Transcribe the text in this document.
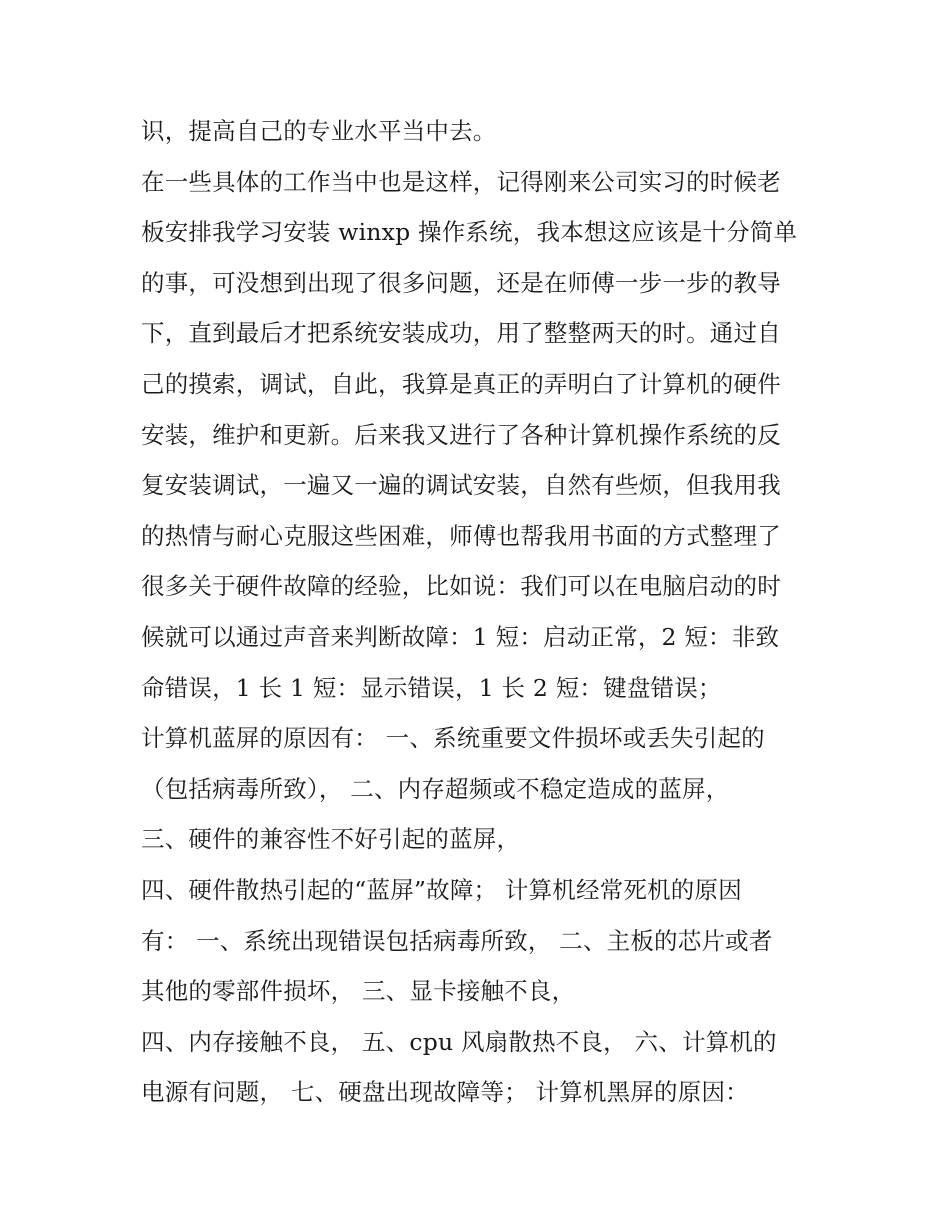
识，提高自己的专业水平当中去。
在一些具体的工作当中也是这样，记得刚来公司实习的时候老
板安排我学习安装 winxp 操作系统，我本想这应该是十分简单
的事，可没想到出现了很多问题，还是在师傅一步一步的教导
下，直到最后才把系统安装成功，用了整整两天的时。通过自
己的摸索，调试，自此，我算是真正的弄明白了计算机的硬件
安装，维护和更新。后来我又进行了各种计算机操作系统的反
复安装调试，一遍又一遍的调试安装，自然有些烦，但我用我
的热情与耐心克服这些困难，师傅也帮我用书面的方式整理了
很多关于硬件故障的经验，比如说：我们可以在电脑启动的时
候就可以通过声音来判断故障：1 短：启动正常，2 短：非致
命错误，1 长 1 短：显示错误，1 长 2 短：键盘错误；
计算机蓝屏的原因有： 一、系统重要文件损坏或丢失引起的
（包括病毒所致）， 二、内存超频或不稳定造成的蓝屏，
三、硬件的兼容性不好引起的蓝屏，
四、硬件散热引起的“蓝屏”故障； 计算机经常死机的原因
有： 一、系统出现错误包括病毒所致， 二、主板的芯片或者
其他的零部件损坏， 三、显卡接触不良，
四、内存接触不良， 五、cpu 风扇散热不良， 六、计算机的
电源有问题， 七、硬盘出现故障等； 计算机黑屏的原因：
